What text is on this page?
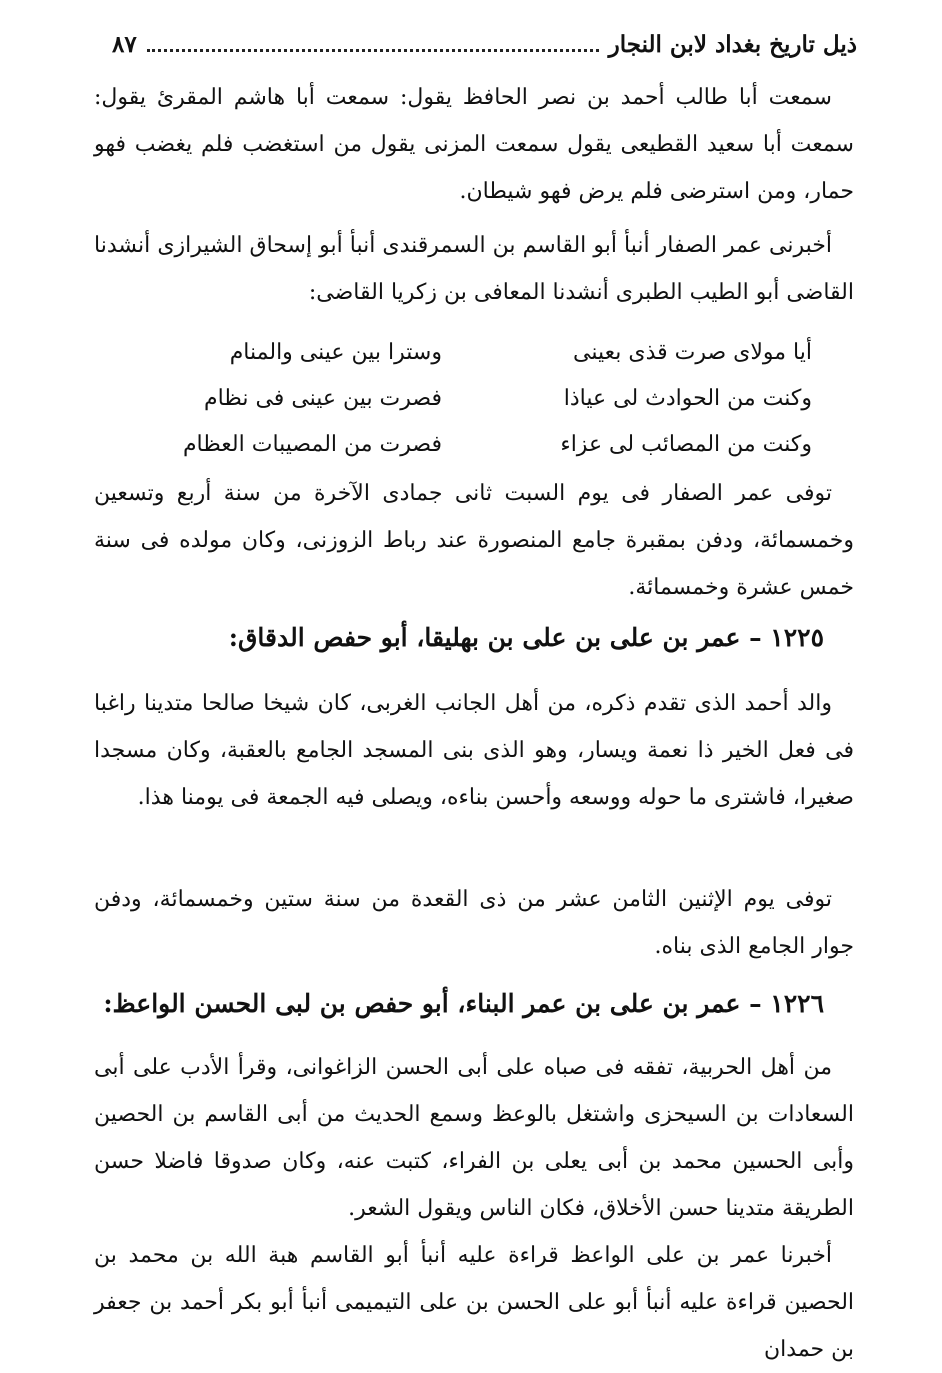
ذيل تاريخ بغداد لابن النجار
٨٧

سمعت أبا طالب أحمد بن نصر الحافظ يقول: سمعت أبا هاشم المقرئ يقول: سمعت أبا سعيد القطيعى يقول سمعت المزنى يقول من استغضب فلم يغضب فهو حمار، ومن استرضى فلم يرض فهو شيطان.

أخبرنى عمر الصفار أنبأ أبو القاسم بن السمرقندى أنبأ أبو إسحاق الشيرازى أنشدنا القاضى أبو الطيب الطبرى أنشدنا المعافى بن زكريا القاضى:

أيا مولاى صرت قذى بعينى
وسترا بين عينى والمنام
وكنت من الحوادث لى عياذا
فصرت بين عينى فى نظام
وكنت من المصائب لى عزاء
فصرت من المصيبات العظام

توفى عمر الصفار فى يوم السبت ثانى جمادى الآخرة من سنة أربع وتسعين وخمسمائة، ودفن بمقبرة جامع المنصورة عند رباط الزوزنى، وكان مولده فى سنة خمس عشرة وخمسمائة.

١٢٢٥ – عمر بن على بن على بن بهليقا، أبو حفص الدقاق:

والد أحمد الذى تقدم ذكره، من أهل الجانب الغربى، كان شيخا صالحا متدينا راغبا فى فعل الخير ذا نعمة ويسار، وهو الذى بنى المسجد الجامع بالعقبة، وكان مسجدا صغيرا، فاشترى ما حوله ووسعه وأحسن بناءه، ويصلى فيه الجمعة فى يومنا هذا.

توفى يوم الإثنين الثامن عشر من ذى القعدة من سنة ستين وخمسمائة، ودفن جوار الجامع الذى بناه.

١٢٢٦ – عمر بن على بن عمر البناء، أبو حفص بن لبى الحسن الواعظ:

من أهل الحربية، تفقه فى صباه على أبى الحسن الزاغوانى، وقرأ الأدب على أبى السعادات بن السيحزى واشتغل بالوعظ وسمع الحديث من أبى القاسم بن الحصين وأبى الحسين محمد بن أبى يعلى بن الفراء، كتبت عنه، وكان صدوقا فاضلا حسن الطريقة متدينا حسن الأخلاق، فكان الناس ويقول الشعر.

أخبرنا عمر بن على الواعظ قراءة عليه أنبأ أبو القاسم هبة الله بن محمد بن الحصين قراءة عليه أنبأ أبو على الحسن بن على التيميمى أنبأ أبو بكر أحمد بن جعفر بن حمدان
